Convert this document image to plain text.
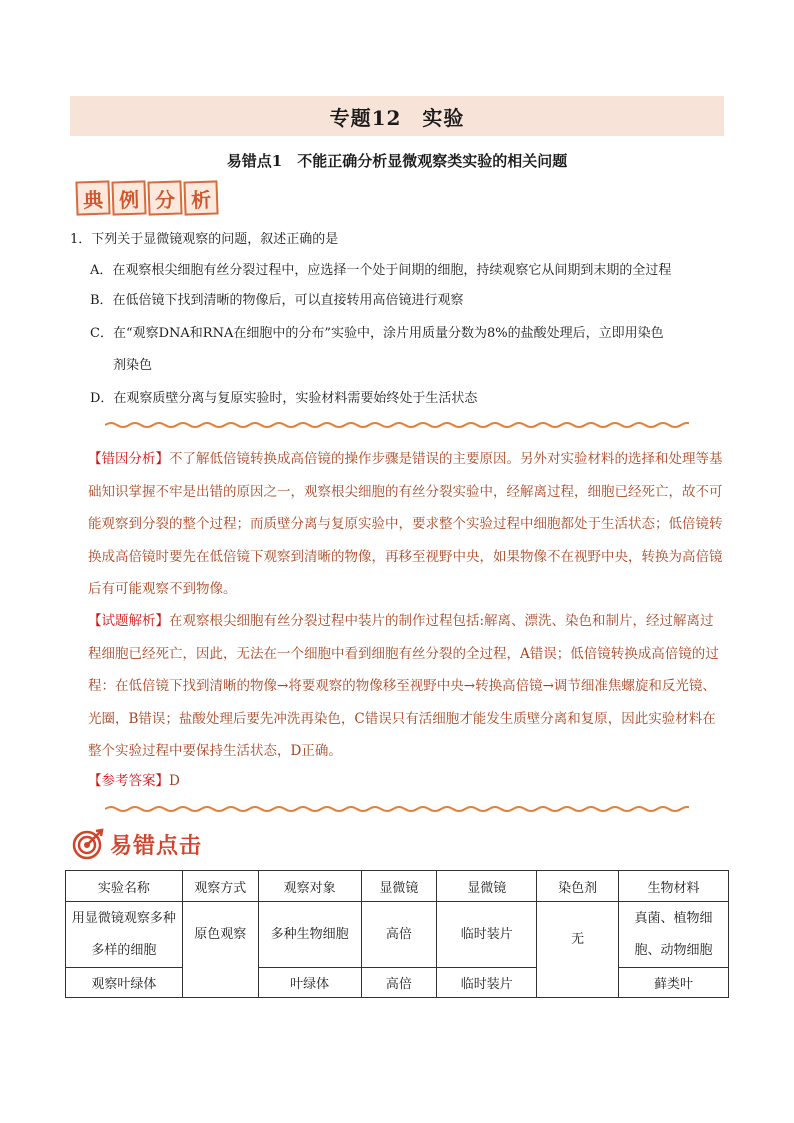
专题12　实验
易错点1　不能正确分析显微观察类实验的相关问题
典 例 分 析
1．下列关于显微镜观察的问题，叙述正确的是
A．在观察根尖细胞有丝分裂过程中，应选择一个处于间期的细胞，持续观察它从间期到末期的全过程
B．在低倍镜下找到清晰的物像后，可以直接转用高倍镜进行观察
C．在“观察DNA和RNA在细胞中的分布”实验中，涂片用质量分数为8%的盐酸处理后，立即用染色
剂染色
D．在观察质壁分离与复原实验时，实验材料需要始终处于生活状态
【错因分析】不了解低倍镜转换成高倍镜的操作步骤是错误的主要原因。另外对实验材料的选择和处理等基础知识掌握不牢是出错的原因之一，观察根尖细胞的有丝分裂实验中，经解离过程，细胞已经死亡，故不可能观察到分裂的整个过程；而质壁分离与复原实验中，要求整个实验过程中细胞都处于生活状态；低倍镜转换成高倍镜时要先在低倍镜下观察到清晰的物像，再移至视野中央，如果物像不在视野中央，转换为高倍镜后有可能观察不到物像。
【试题解析】在观察根尖细胞有丝分裂过程中装片的制作过程包括:解离、漂洗、染色和制片，经过解离过程细胞已经死亡，因此，无法在一个细胞中看到细胞有丝分裂的全过程，A错误；低倍镜转换成高倍镜的过程：在低倍镜下找到清晰的物像→将要观察的物像移至视野中央→转换高倍镜→调节细准焦螺旋和反光镜、光圈，B错误；盐酸处理后要先冲洗再染色，C错误只有活细胞才能发生质壁分离和复原，因此实验材料在整个实验过程中要保持生活状态，D正确。
【参考答案】D
易错点击
实验名称	观察方式	观察对象	显微镜	显微镜	染色剂	生物材料
用显微镜观察多种多样的细胞	原色观察	多种生物细胞	高倍	临时装片	无	真菌、植物细胞、动物细胞
观察叶绿体		叶绿体	高倍	临时装片		藓类叶
